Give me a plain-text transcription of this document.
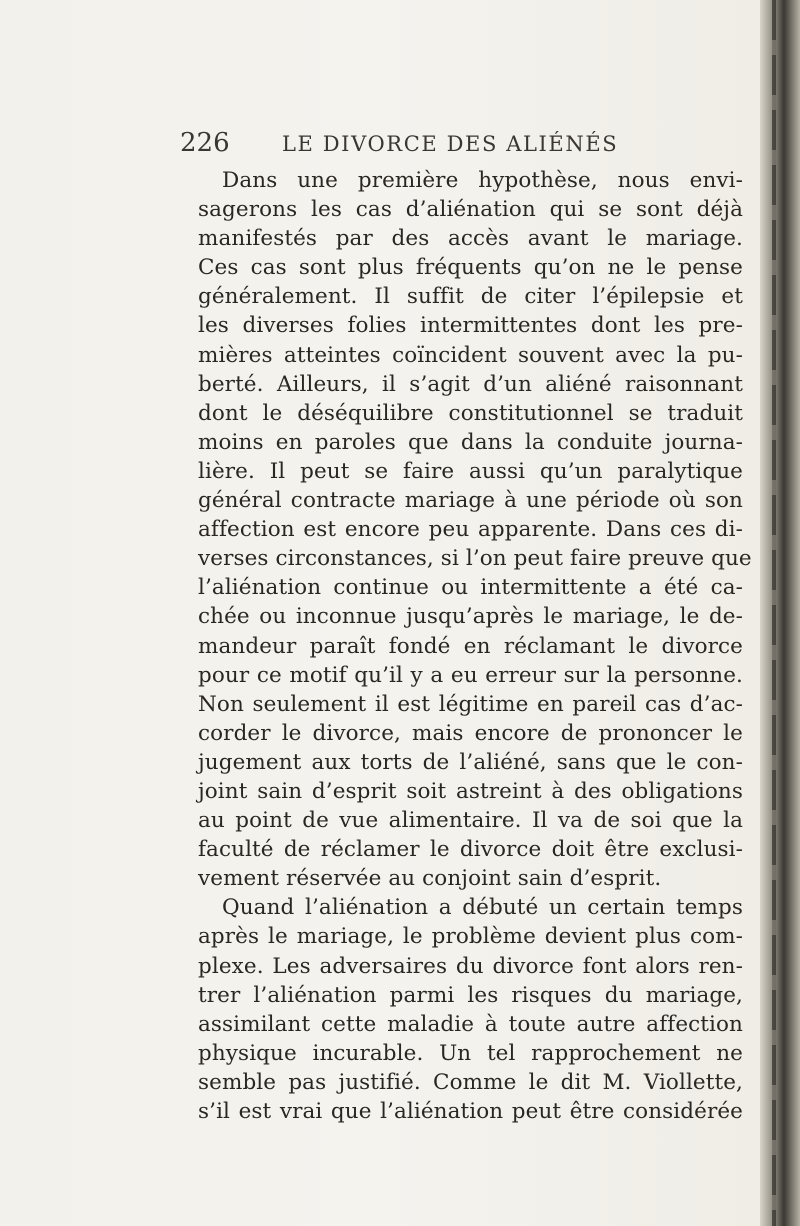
226 LE DIVORCE DES ALIÉNÉS
Dans une première hypothèse, nous envi-
sagerons les cas d’aliénation qui se sont déjà
manifestés par des accès avant le mariage.
Ces cas sont plus fréquents qu’on ne le pense
généralement. Il suffit de citer l’épilepsie et
les diverses folies intermittentes dont les pre-
mières atteintes coïncident souvent avec la pu-
berté. Ailleurs, il s’agit d’un aliéné raisonnant
dont le déséquilibre constitutionnel se traduit
moins en paroles que dans la conduite journa-
lière. Il peut se faire aussi qu’un paralytique
général contracte mariage à une période où son
affection est encore peu apparente. Dans ces di-
verses circonstances, si l’on peut faire preuve que
l’aliénation continue ou intermittente a été ca-
chée ou inconnue jusqu’après le mariage, le de-
mandeur paraît fondé en réclamant le divorce
pour ce motif qu’il y a eu erreur sur la personne.
Non seulement il est légitime en pareil cas d’ac-
corder le divorce, mais encore de prononcer le
jugement aux torts de l’aliéné, sans que le con-
joint sain d’esprit soit astreint à des obligations
au point de vue alimentaire. Il va de soi que la
faculté de réclamer le divorce doit être exclusi-
vement réservée au conjoint sain d’esprit.
Quand l’aliénation a débuté un certain temps
après le mariage, le problème devient plus com-
plexe. Les adversaires du divorce font alors ren-
trer l’aliénation parmi les risques du mariage,
assimilant cette maladie à toute autre affection
physique incurable. Un tel rapprochement ne
semble pas justifié. Comme le dit M. Viollette,
s’il est vrai que l’aliénation peut être considérée
